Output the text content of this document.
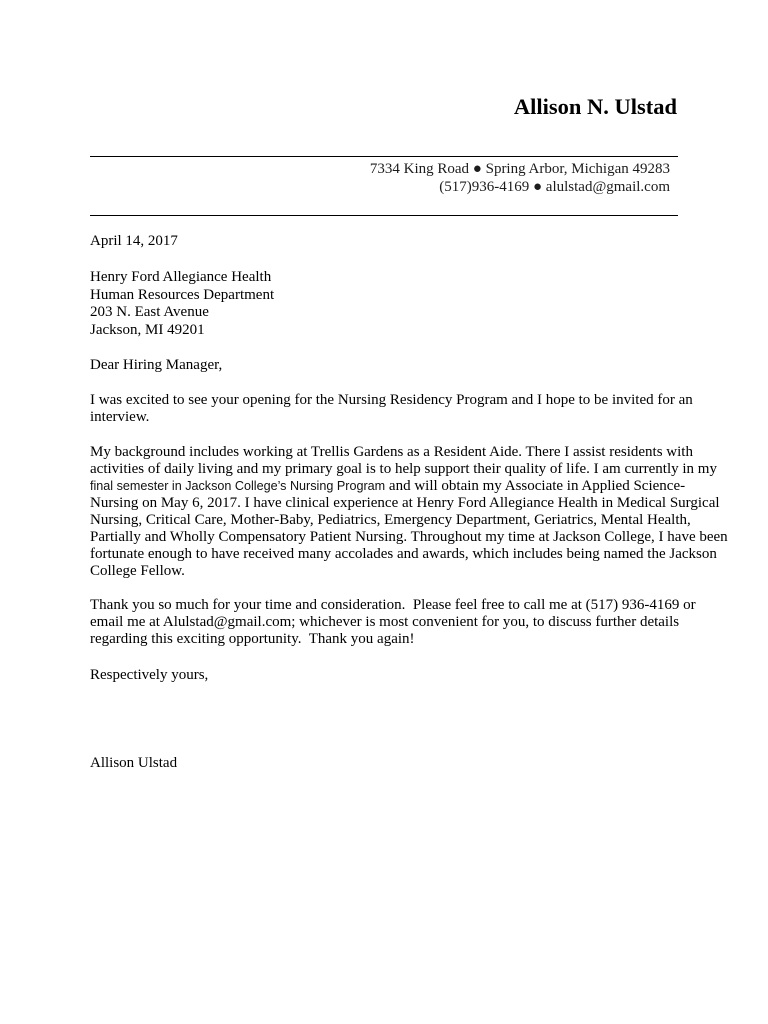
Allison N. Ulstad
7334 King Road ● Spring Arbor, Michigan 49283
(517)936-4169 ● alulstad@gmail.com
April 14, 2017
Henry Ford Allegiance Health
Human Resources Department
203 N. East Avenue
Jackson, MI 49201
Dear Hiring Manager,
I was excited to see your opening for the Nursing Residency Program and I hope to be invited for an
interview.
My background includes working at Trellis Gardens as a Resident Aide. There I assist residents with
activities of daily living and my primary goal is to help support their quality of life. I am currently in my
final semester in Jackson College’s Nursing Program and will obtain my Associate in Applied Science-
Nursing on May 6, 2017. I have clinical experience at Henry Ford Allegiance Health in Medical Surgical
Nursing, Critical Care, Mother-Baby, Pediatrics, Emergency Department, Geriatrics, Mental Health,
Partially and Wholly Compensatory Patient Nursing. Throughout my time at Jackson College, I have been
fortunate enough to have received many accolades and awards, which includes being named the Jackson
College Fellow.
Thank you so much for your time and consideration.  Please feel free to call me at (517) 936-4169 or
email me at Alulstad@gmail.com; whichever is most convenient for you, to discuss further details
regarding this exciting opportunity.  Thank you again!
Respectively yours,
Allison Ulstad
